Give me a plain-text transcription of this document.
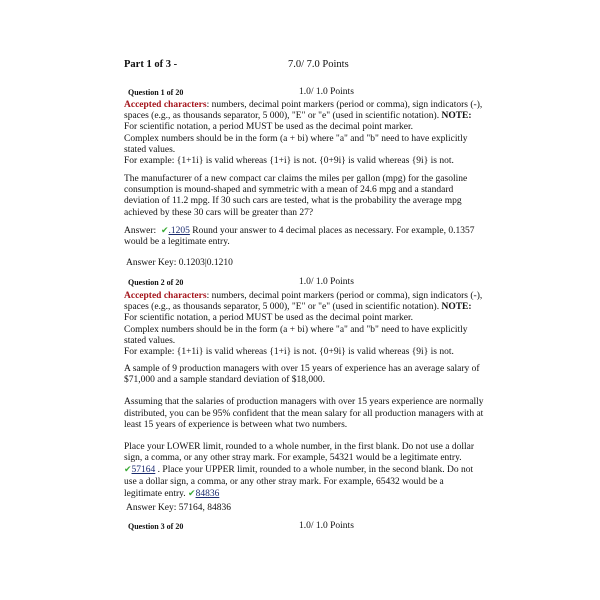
Part 1 of 3 -	7.0/ 7.0 Points
Question 1 of 20	1.0/ 1.0 Points

Accepted characters: numbers, decimal point markers (period or comma), sign indicators (-), spaces (e.g., as thousands separator, 5 000), "E" or "e" (used in scientific notation). NOTE: For scientific notation, a period MUST be used as the decimal point marker.

Complex numbers should be in the form (a + bi) where "a" and "b" need to have explicitly stated values.

For example: {1+1i} is valid whereas {1+i} is not. {0+9i} is valid whereas {9i} is not.

The manufacturer of a new compact car claims the miles per gallon (mpg) for the gasoline consumption is mound-shaped and symmetric with a mean of 24.6 mpg and a standard deviation of 11.2 mpg. If 30 such cars are tested, what is the probability the average mpg achieved by these 30 cars will be greater than 27?

Answer: ✔.1205 Round your answer to 4 decimal places as necessary. For example, 0.1357 would be a legitimate entry.

Answer Key: 0.1203|0.1210
Question 2 of 20	1.0/ 1.0 Points

Accepted characters: numbers, decimal point markers (period or comma), sign indicators (-), spaces (e.g., as thousands separator, 5 000), "E" or "e" (used in scientific notation). NOTE: For scientific notation, a period MUST be used as the decimal point marker.

Complex numbers should be in the form (a + bi) where "a" and "b" need to have explicitly stated values.

For example: {1+1i} is valid whereas {1+i} is not. {0+9i} is valid whereas {9i} is not.

A sample of 9 production managers with over 15 years of experience has an average salary of $71,000 and a sample standard deviation of $18,000.

Assuming that the salaries of production managers with over 15 years experience are normally distributed, you can be 95% confident that the mean salary for all production managers with at least 15 years of experience is between what two numbers.

Place your LOWER limit, rounded to a whole number, in the first blank. Do not use a dollar sign, a comma, or any other stray mark. For example, 54321 would be a legitimate entry.
✔57164 . Place your UPPER limit, rounded to a whole number, in the second blank. Do not use a dollar sign, a comma, or any other stray mark. For example, 65432 would be a legitimate entry. ✔84836

Answer Key: 57164, 84836
Question 3 of 20	1.0/ 1.0 Points
